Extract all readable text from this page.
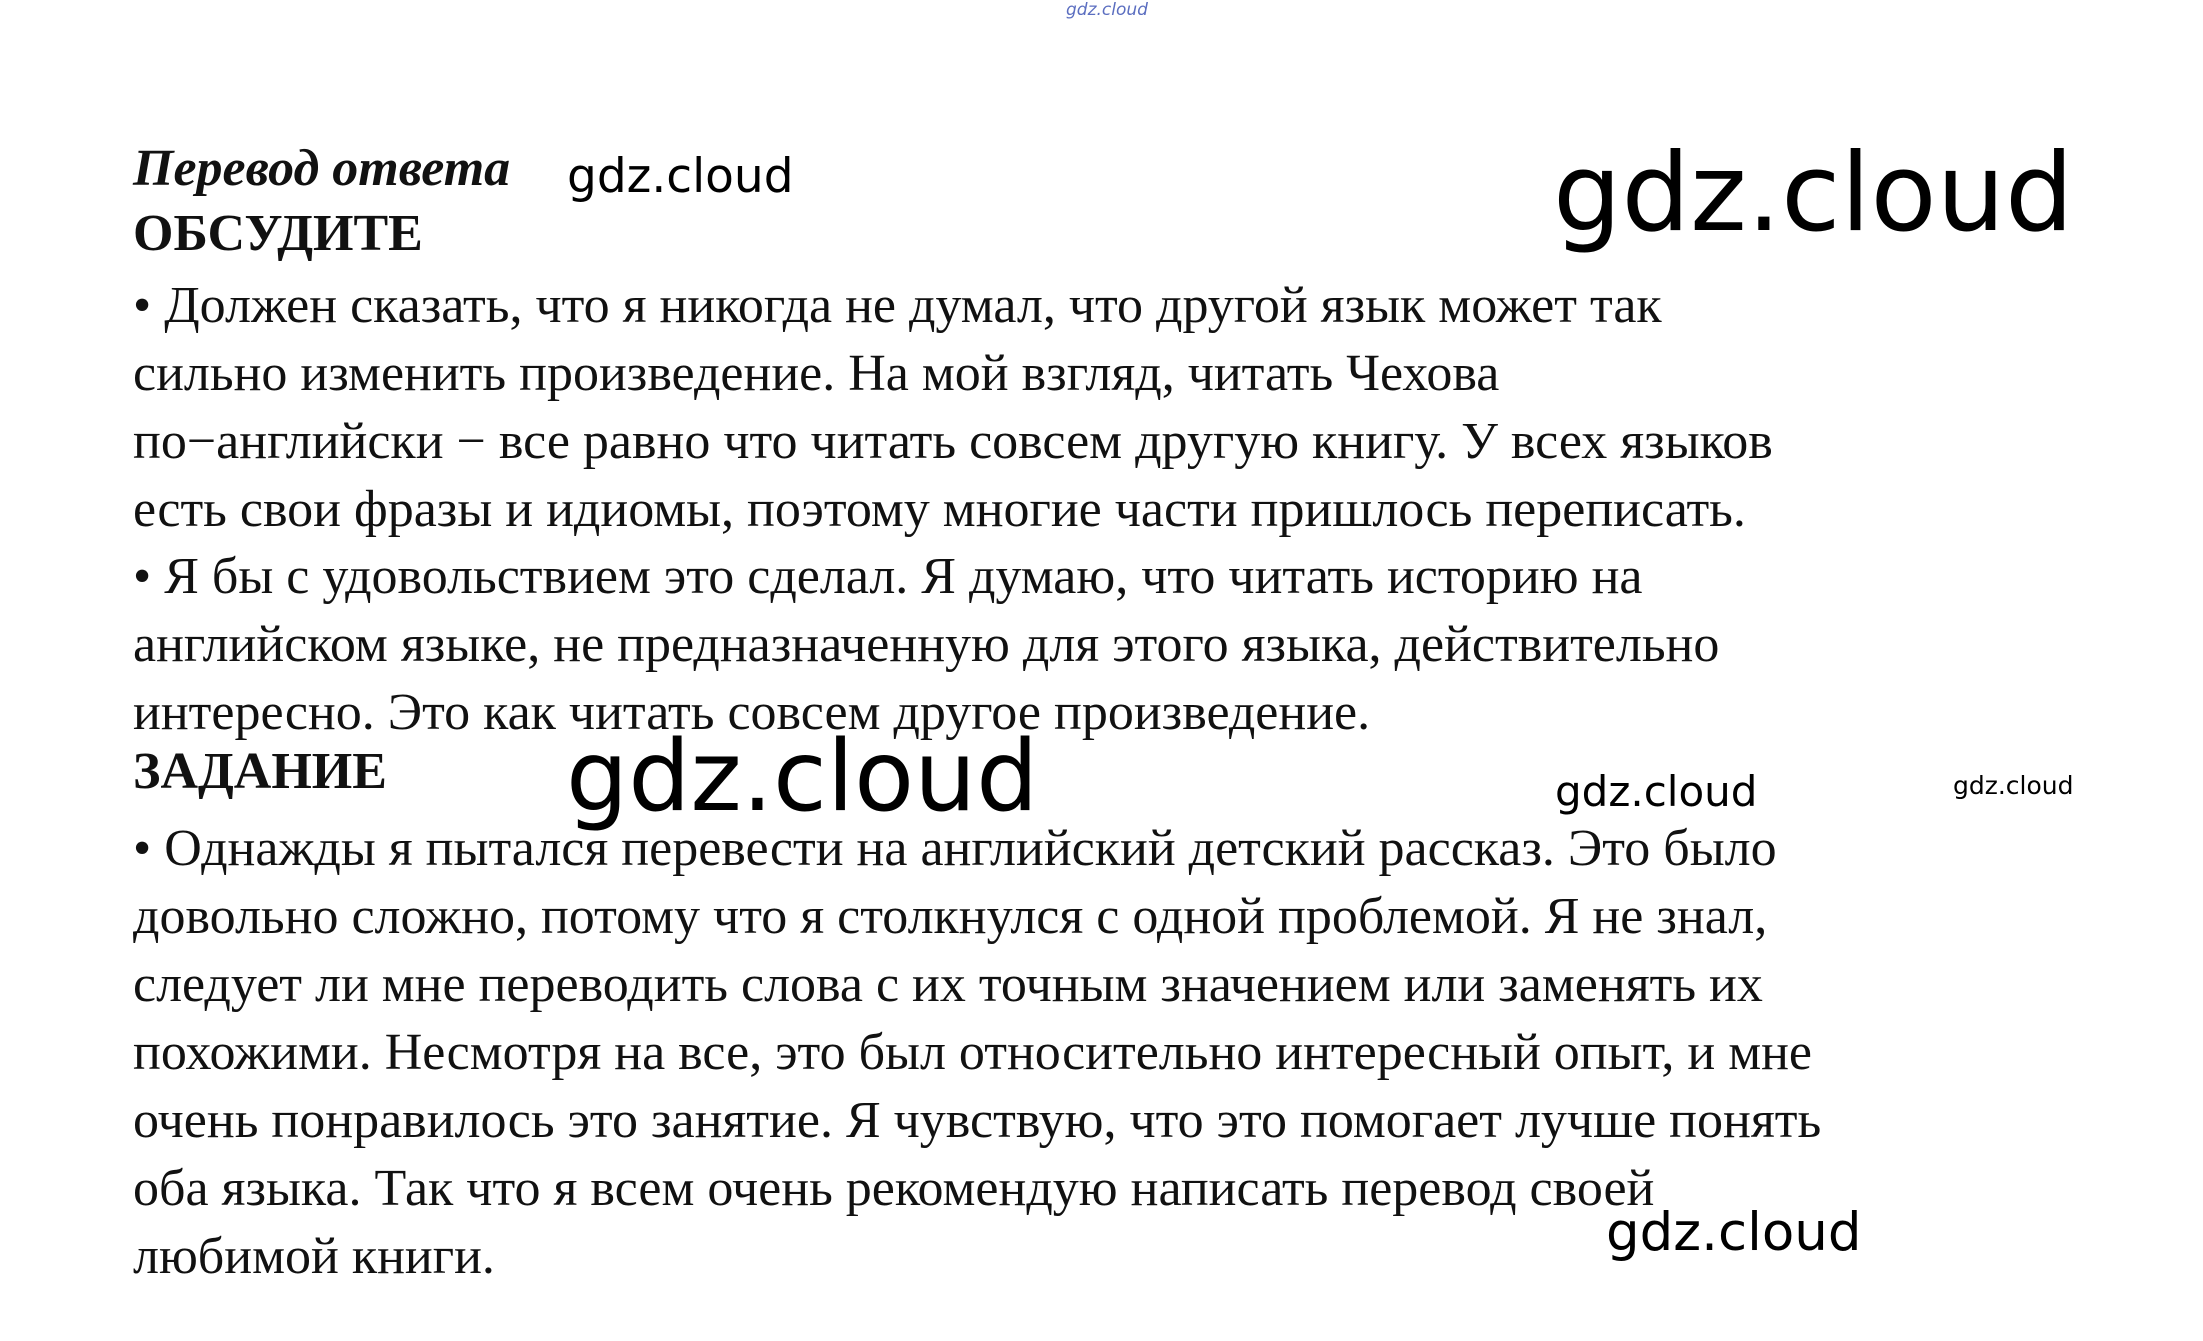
gdz.cloud
Перевод ответа gdz.cloud	gdz.cloud
ОБСУДИТЕ
• Должен сказать, что я никогда не думал, что другой язык может так
сильно изменить произведение. На мой взгляд, читать Чехова
по−английски − все равно что читать совсем другую книгу. У всех языков
есть свои фразы и идиомы, поэтому многие части пришлось переписать.
• Я бы с удовольствием это сделал. Я думаю, что читать историю на
английском языке, не предназначенную для этого языка, действительно
интересно. Это как читать совсем другое произведение.
ЗАДАНИЕ gdz.cloud	gdz.cloud	gdz.cloud
• Однажды я пытался перевести на английский детский рассказ. Это было
довольно сложно, потому что я столкнулся с одной проблемой. Я не знал,
следует ли мне переводить слова с их точным значением или заменять их
похожими. Несмотря на все, это был относительно интересный опыт, и мне
очень понравилось это занятие. Я чувствую, что это помогает лучше понять
оба языка. Так что я всем очень рекомендую написать перевод своей
любимой книги.	gdz.cloud
